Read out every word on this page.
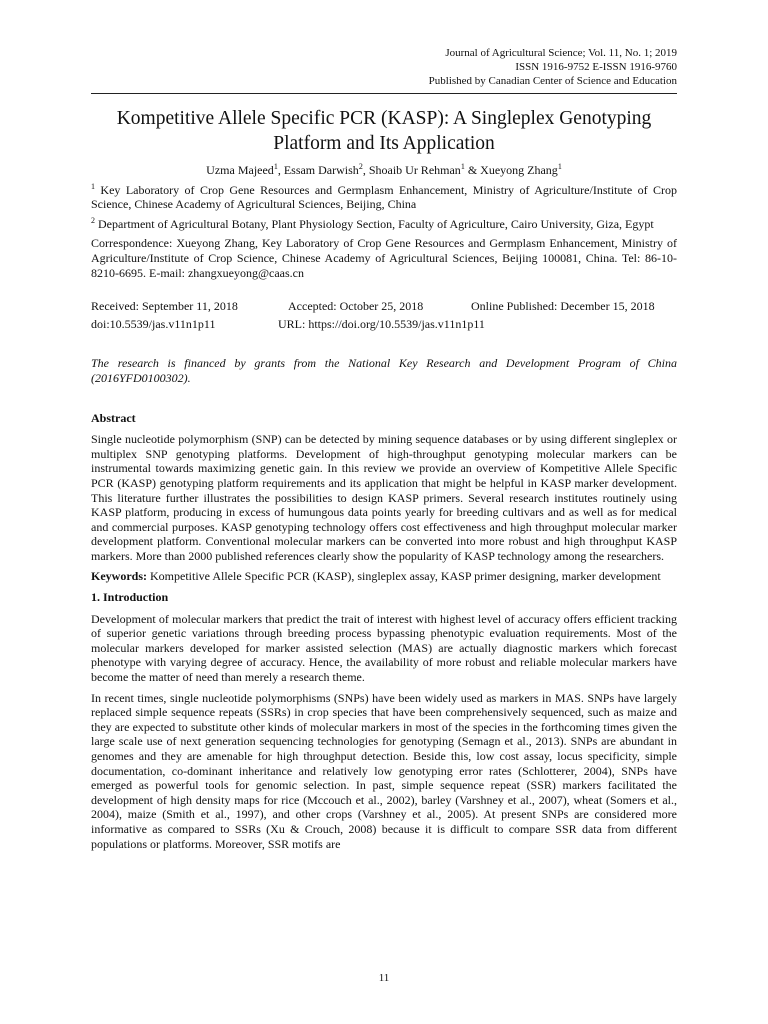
Journal of Agricultural Science; Vol. 11, No. 1; 2019
ISSN 1916-9752 E-ISSN 1916-9760
Published by Canadian Center of Science and Education
Kompetitive Allele Specific PCR (KASP): A Singleplex Genotyping
Platform and Its Application

Uzma Majeed$^1$, Essam Darwish$^2$, Shoaib Ur Rehman$^1$ & Xueyong Zhang$^1$

$^1$ Key Laboratory of Crop Gene Resources and Germplasm Enhancement, Ministry of Agriculture/Institute of Crop Science, Chinese Academy of Agricultural Sciences, Beijing, China

$^2$ Department of Agricultural Botany, Plant Physiology Section, Faculty of Agriculture, Cairo University, Giza, Egypt

Correspondence: Xueyong Zhang, Key Laboratory of Crop Gene Resources and Germplasm Enhancement, Ministry of Agriculture/Institute of Crop Science, Chinese Academy of Agricultural Sciences, Beijing 100081, China. Tel: 86-10-8210-6695. E-mail: zhangxueyong@caas.cn

Received: September 11, 2018	Accepted: October 25, 2018	Online Published: December 15, 2018
doi:10.5539/jas.v11n1p11	URL: https://doi.org/10.5539/jas.v11n1p11

The research is financed by grants from the National Key Research and Development Program of China (2016YFD0100302).

Abstract

Single nucleotide polymorphism (SNP) can be detected by mining sequence databases or by using different singleplex or multiplex SNP genotyping platforms. Development of high-throughput genotyping molecular markers can be instrumental towards maximizing genetic gain. In this review we provide an overview of Kompetitive Allele Specific PCR (KASP) genotyping platform requirements and its application that might be helpful in KASP marker development. This literature further illustrates the possibilities to design KASP primers. Several research institutes routinely using KASP platform, producing in excess of humungous data points yearly for breeding cultivars and as well as for medical and commercial purposes. KASP genotyping technology offers cost effectiveness and high throughput molecular marker development platform. Conventional molecular markers can be converted into more robust and high throughput KASP markers. More than 2000 published references clearly show the popularity of KASP technology among the researchers.

Keywords: Kompetitive Allele Specific PCR (KASP), singleplex assay, KASP primer designing, marker development

1. Introduction

Development of molecular markers that predict the trait of interest with highest level of accuracy offers efficient tracking of superior genetic variations through breeding process bypassing phenotypic evaluation requirements. Most of the molecular markers developed for marker assisted selection (MAS) are actually diagnostic markers which forecast phenotype with varying degree of accuracy. Hence, the availability of more robust and reliable molecular markers have become the matter of need than merely a research theme.

In recent times, single nucleotide polymorphisms (SNPs) have been widely used as markers in MAS. SNPs have largely replaced simple sequence repeats (SSRs) in crop species that have been comprehensively sequenced, such as maize and they are expected to substitute other kinds of molecular markers in most of the species in the forthcoming times given the large scale use of next generation sequencing technologies for genotyping (Semagn et al., 2013). SNPs are abundant in genomes and they are amenable for high throughput detection. Beside this, low cost assay, locus specificity, simple documentation, co-dominant inheritance and relatively low genotyping error rates (Schlotterer, 2004), SNPs have emerged as powerful tools for genomic selection. In past, simple sequence repeat (SSR) markers facilitated the development of high density maps for rice (Mccouch et al., 2002), barley (Varshney et al., 2007), wheat (Somers et al., 2004), maize (Smith et al., 1997), and other crops (Varshney et al., 2005). At present SNPs are considered more informative as compared to SSRs (Xu & Crouch, 2008) because it is difficult to compare SSR data from different populations or platforms. Moreover, SSR motifs are

11
